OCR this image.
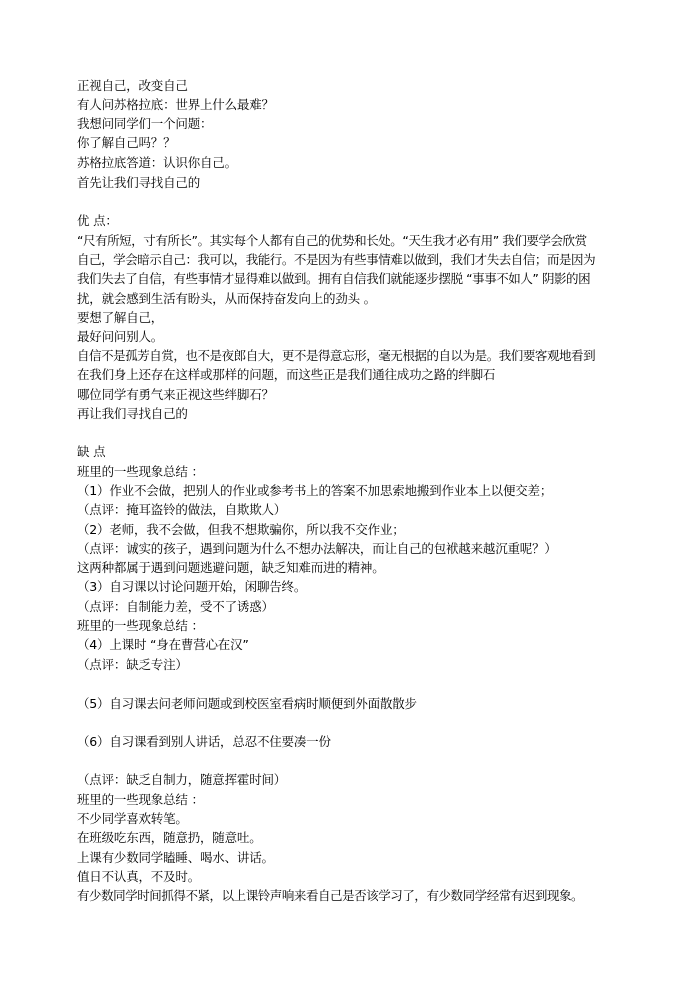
正视自己，改变自己
有人问苏格拉底：世界上什么最难？
我想问同学们一个问题：
你了解自己吗？？
苏格拉底答道：认识你自己。
首先让我们寻找自己的
优 点：
“尺有所短，寸有所长”。其实每个人都有自己的优势和长处。“天生我才必有用” 我们要学会欣赏
自己，学会暗示自己：我可以，我能行。不是因为有些事情难以做到，我们才失去自信；而是因为
我们失去了自信，有些事情才显得难以做到。拥有自信我们就能逐步摆脱 “事事不如人” 阴影的困
扰，就会感到生活有盼头，从而保持奋发向上的劲头 。
要想了解自己，
最好问问别人。
自信不是孤芳自赏，也不是夜郎自大，更不是得意忘形，毫无根据的自以为是。我们要客观地看到
在我们身上还存在这样或那样的问题，而这些正是我们通往成功之路的绊脚石
哪位同学有勇气来正视这些绊脚石？
再让我们寻找自己的
缺 点
班里的一些现象总结 ：
（1）作业不会做，把别人的作业或参考书上的答案不加思索地搬到作业本上以便交差；
（点评：掩耳盗铃的做法，自欺欺人）
（2）老师，我不会做，但我不想欺骗你，所以我不交作业；
（点评：诚实的孩子，遇到问题为什么不想办法解决，而让自己的包袱越来越沉重呢？）
这两种都属于遇到问题逃避问题，缺乏知难而进的精神。
（3）自习课以讨论问题开始，闲聊告终。
（点评：自制能力差，受不了诱惑）
班里的一些现象总结 ：
（4）上课时 “身在曹营心在汉”
（点评：缺乏专注）
（5）自习课去问老师问题或到校医室看病时顺便到外面散散步
（6）自习课看到别人讲话，总忍不住要凑一份
（点评：缺乏自制力，随意挥霍时间）
班里的一些现象总结 ：
不少同学喜欢转笔。
在班级吃东西，随意扔，随意吐。
上课有少数同学瞌睡、喝水、讲话。
值日不认真，不及时。
有少数同学时间抓得不紧，以上课铃声响来看自己是否该学习了，有少数同学经常有迟到现象。
